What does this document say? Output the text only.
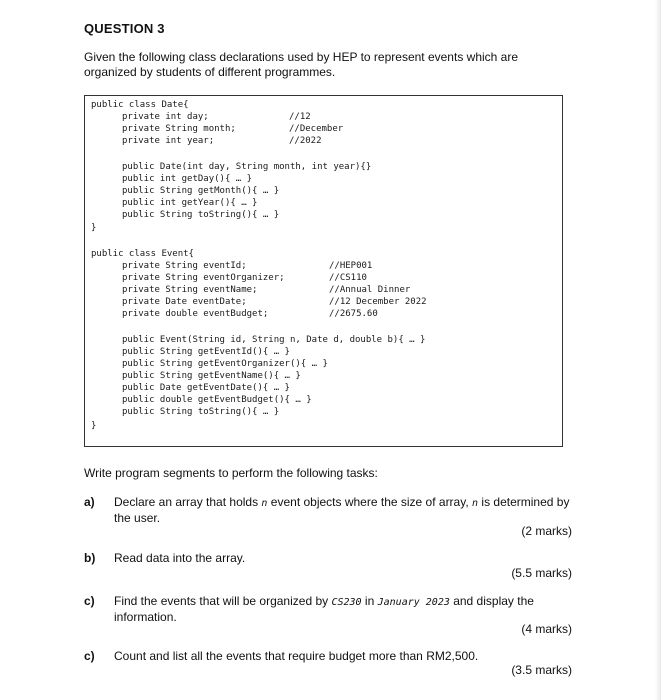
QUESTION 3
Given the following class declarations used by HEP to represent events which are organized by students of different programmes.
public class Date{
private int day;	//12
private String month;	//December
private int year;	//2022
public Date(int day, String month, int year){}
public int getDay(){ … }
public String getMonth(){ … }
public int getYear(){ … }
public String toString(){ … }
}
public class Event{
private String eventId;	//HEP001
private String eventOrganizer;	//CS110
private String eventName;	//Annual Dinner
private Date eventDate;	//12 December 2022
private double eventBudget;	//2675.60
public Event(String id, String n, Date d, double b){ … }
public String getEventId(){ … }
public String getEventOrganizer(){ … }
public String getEventName(){ … }
public Date getEventDate(){ … }
public double getEventBudget(){ … }
public String toString(){ … }
}
Write program segments to perform the following tasks:
a) Declare an array that holds n event objects where the size of array, n is determined by the user.
(2 marks)
b) Read data into the array.
(5.5 marks)
c) Find the events that will be organized by CS230 in January 2023 and display the information.
(4 marks)
c) Count and list all the events that require budget more than RM2,500.
(3.5 marks)
